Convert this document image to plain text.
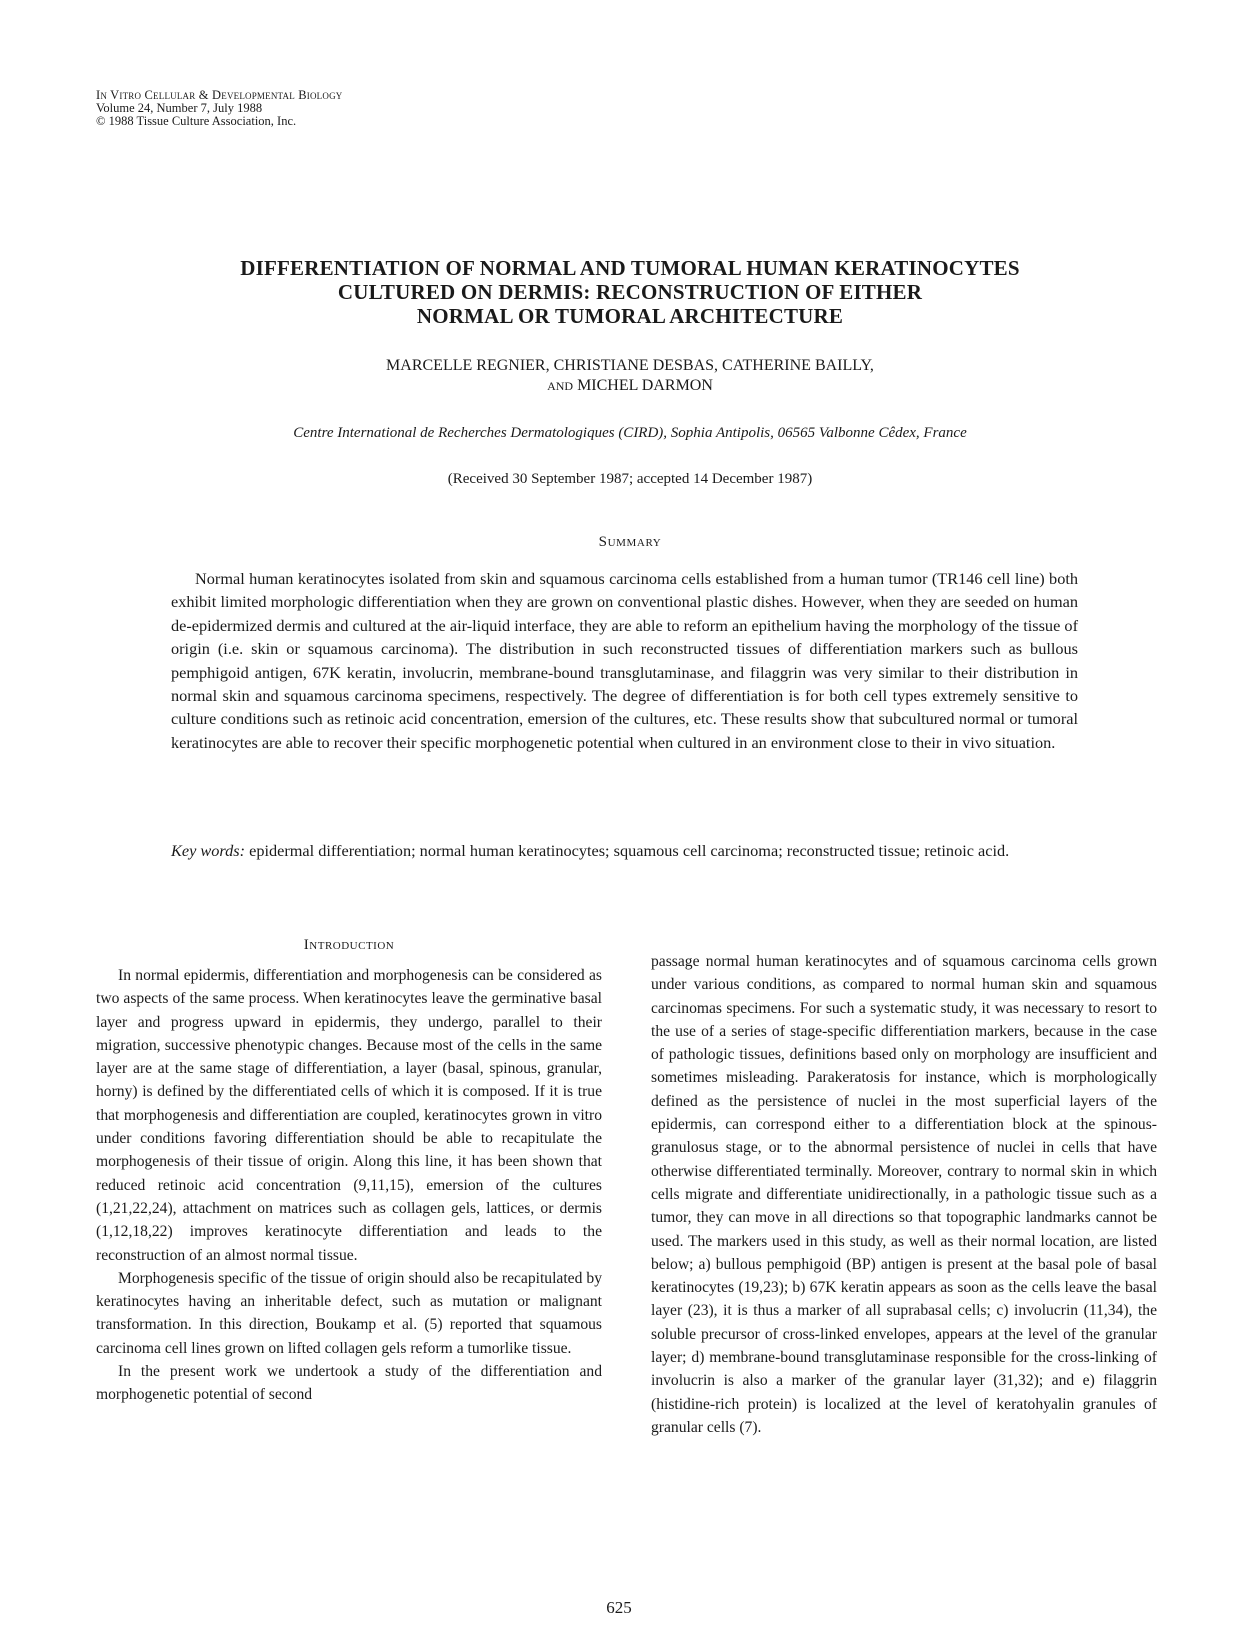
In Vitro Cellular & Developmental Biology
Volume 24, Number 7, July 1988
© 1988 Tissue Culture Association, Inc.
DIFFERENTIATION OF NORMAL AND TUMORAL HUMAN KERATINOCYTES
CULTURED ON DERMIS: RECONSTRUCTION OF EITHER
NORMAL OR TUMORAL ARCHITECTURE
MARCELLE REGNIER, CHRISTIANE DESBAS, CATHERINE BAILLY,
AND MICHEL DARMON
Centre International de Recherches Dermatologiques (CIRD), Sophia Antipolis, 06565 Valbonne Cêdex, France
(Received 30 September 1987; accepted 14 December 1987)
Summary
Normal human keratinocytes isolated from skin and squamous carcinoma cells established from a human tumor (TR146 cell line) both exhibit limited morphologic differentiation when they are grown on conventional plastic dishes. However, when they are seeded on human de-epidermized dermis and cultured at the air-liquid interface, they are able to reform an epithelium having the morphology of the tissue of origin (i.e. skin or squamous carcinoma). The distribution in such reconstructed tissues of differentiation markers such as bullous pemphigoid antigen, 67K keratin, involucrin, membrane-bound transglutaminase, and filaggrin was very similar to their distribution in normal skin and squamous carcinoma specimens, respectively. The degree of differentiation is for both cell types extremely sensitive to culture conditions such as retinoic acid concentration, emersion of the cultures, etc. These results show that subcultured normal or tumoral keratinocytes are able to recover their specific morphogenetic potential when cultured in an environment close to their in vivo situation.
Key words: epidermal differentiation; normal human keratinocytes; squamous cell carcinoma; reconstructed tissue; retinoic acid.
Introduction

In normal epidermis, differentiation and morphogenesis can be considered as two aspects of the same process. When keratinocytes leave the germinative basal layer and progress upward in epidermis, they undergo, parallel to their migration, successive phenotypic changes. Because most of the cells in the same layer are at the same stage of differentiation, a layer (basal, spinous, granular, horny) is defined by the differentiated cells of which it is composed. If it is true that morphogenesis and differentiation are coupled, keratinocytes grown in vitro under conditions favoring differentiation should be able to recapitulate the morphogenesis of their tissue of origin. Along this line, it has been shown that reduced retinoic acid concentration (9,11,15), emersion of the cultures (1,21,22,24), attachment on matrices such as collagen gels, lattices, or dermis (1,12,18,22) improves keratinocyte differentiation and leads to the reconstruction of an almost normal tissue.

Morphogenesis specific of the tissue of origin should also be recapitulated by keratinocytes having an inheritable defect, such as mutation or malignant transformation. In this direction, Boukamp et al. (5) reported that squamous carcinoma cell lines grown on lifted collagen gels reform a tumorlike tissue.

In the present work we undertook a study of the differentiation and morphogenetic potential of second

passage normal human keratinocytes and of squamous carcinoma cells grown under various conditions, as compared to normal human skin and squamous carcinomas specimens. For such a systematic study, it was necessary to resort to the use of a series of stage-specific differentiation markers, because in the case of pathologic tissues, definitions based only on morphology are insufficient and sometimes misleading. Parakeratosis for instance, which is morphologically defined as the persistence of nuclei in the most superficial layers of the epidermis, can correspond either to a differentiation block at the spinous-granulosus stage, or to the abnormal persistence of nuclei in cells that have otherwise differentiated terminally. Moreover, contrary to normal skin in which cells migrate and differentiate unidirectionally, in a pathologic tissue such as a tumor, they can move in all directions so that topographic landmarks cannot be used. The markers used in this study, as well as their normal location, are listed below; a) bullous pemphigoid (BP) antigen is present at the basal pole of basal keratinocytes (19,23); b) 67K keratin appears as soon as the cells leave the basal layer (23), it is thus a marker of all suprabasal cells; c) involucrin (11,34), the soluble precursor of cross-linked envelopes, appears at the level of the granular layer; d) membrane-bound transglutaminase responsible for the cross-linking of involucrin is also a marker of the granular layer (31,32); and e) filaggrin (histidine-rich protein) is localized at the level of keratohyalin granules of granular cells (7).

625
